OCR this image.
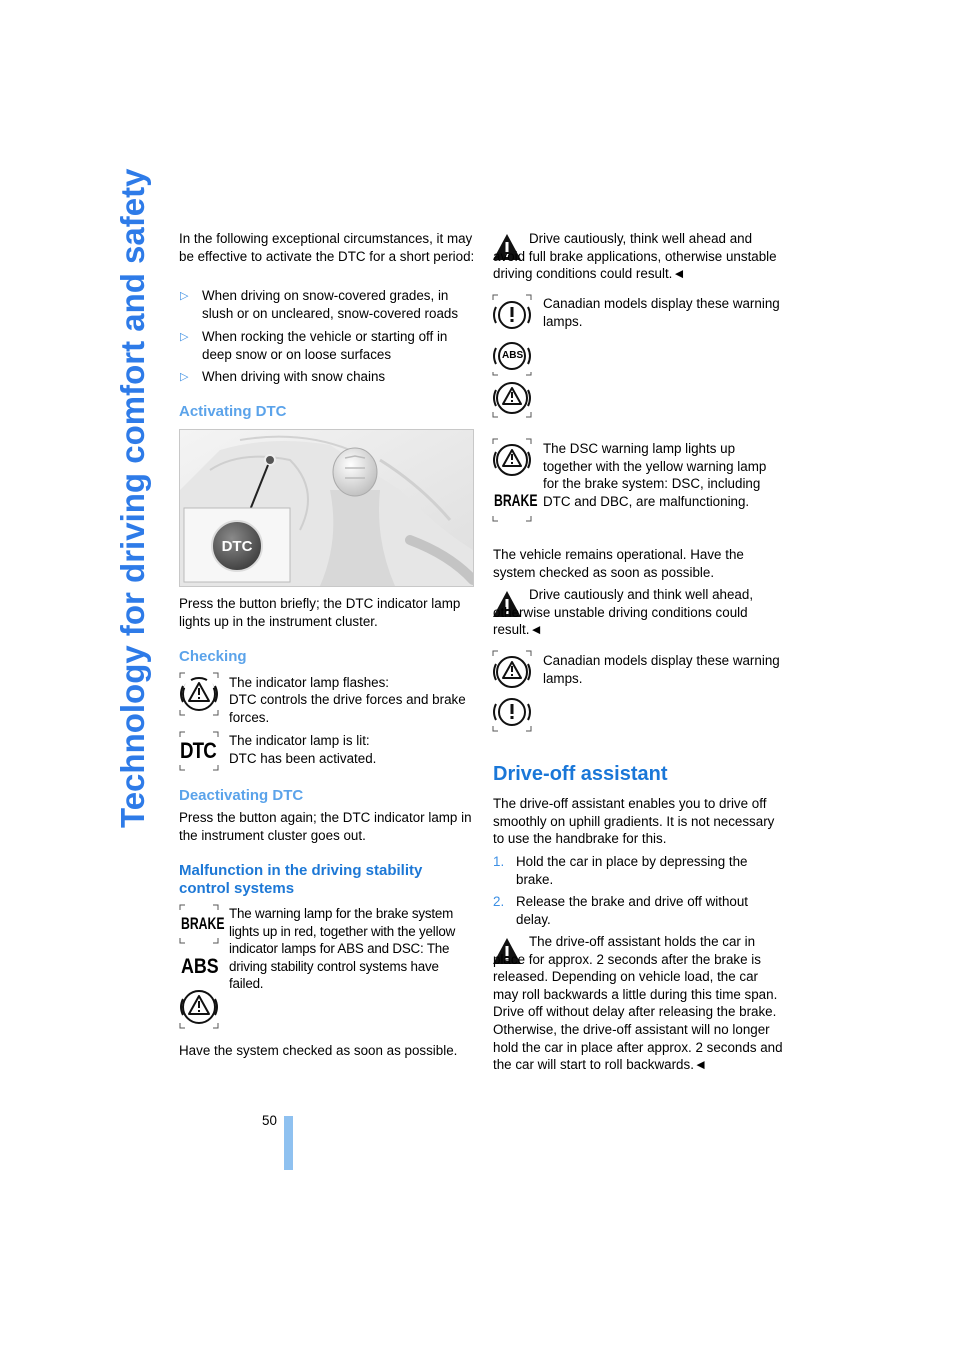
Technology for driving comfort and safety	In the following exceptional circumstances, it may be effective to activate the DTC for a short period:

▷ When driving on snow-covered grades, in slush or on uncleared, snow-covered roads
▷ When rocking the vehicle or starting off in deep snow or on loose surfaces
▷ When driving with snow chains
Activating DTC
DTC
Press the button briefly; the DTC indicator lamp lights up in the instrument cluster.
Checking
The indicator lamp flashes:
DTC controls the drive forces and brake forces.
DTC The indicator lamp is lit:
DTC has been activated.
Deactivating DTC
Press the button again; the DTC indicator lamp in the instrument cluster goes out.
Malfunction in the driving stability control systems
BRAKE
ABS
The warning lamp for the brake system lights up in red, together with the yellow indicator lamps for ABS and DSC: The driving stability control systems have failed.
Have the system checked as soon as possible.
50
Drive cautiously, think well ahead and avoid full brake applications, otherwise unstable driving conditions could result.◄
ABS
Canadian models display these warning lamps.
BRAKE
The DSC warning lamp lights up together with the yellow warning lamp for the brake system: DSC, including DTC and DBC, are malfunctioning.
The vehicle remains operational. Have the system checked as soon as possible.
Drive cautiously and think well ahead, otherwise unstable driving conditions could result.◄
Canadian models display these warning lamps.
Drive-off assistant
The drive-off assistant enables you to drive off smoothly on uphill gradients. It is not necessary to use the handbrake for this.
1. Hold the car in place by depressing the brake.
2. Release the brake and drive off without delay.
The drive-off assistant holds the car in place for approx. 2 seconds after the brake is released. Depending on vehicle load, the car may roll backwards a little during this time span. Drive off without delay after releasing the brake. Otherwise, the drive-off assistant will no longer hold the car in place after approx. 2 seconds and the car will start to roll backwards.◄
